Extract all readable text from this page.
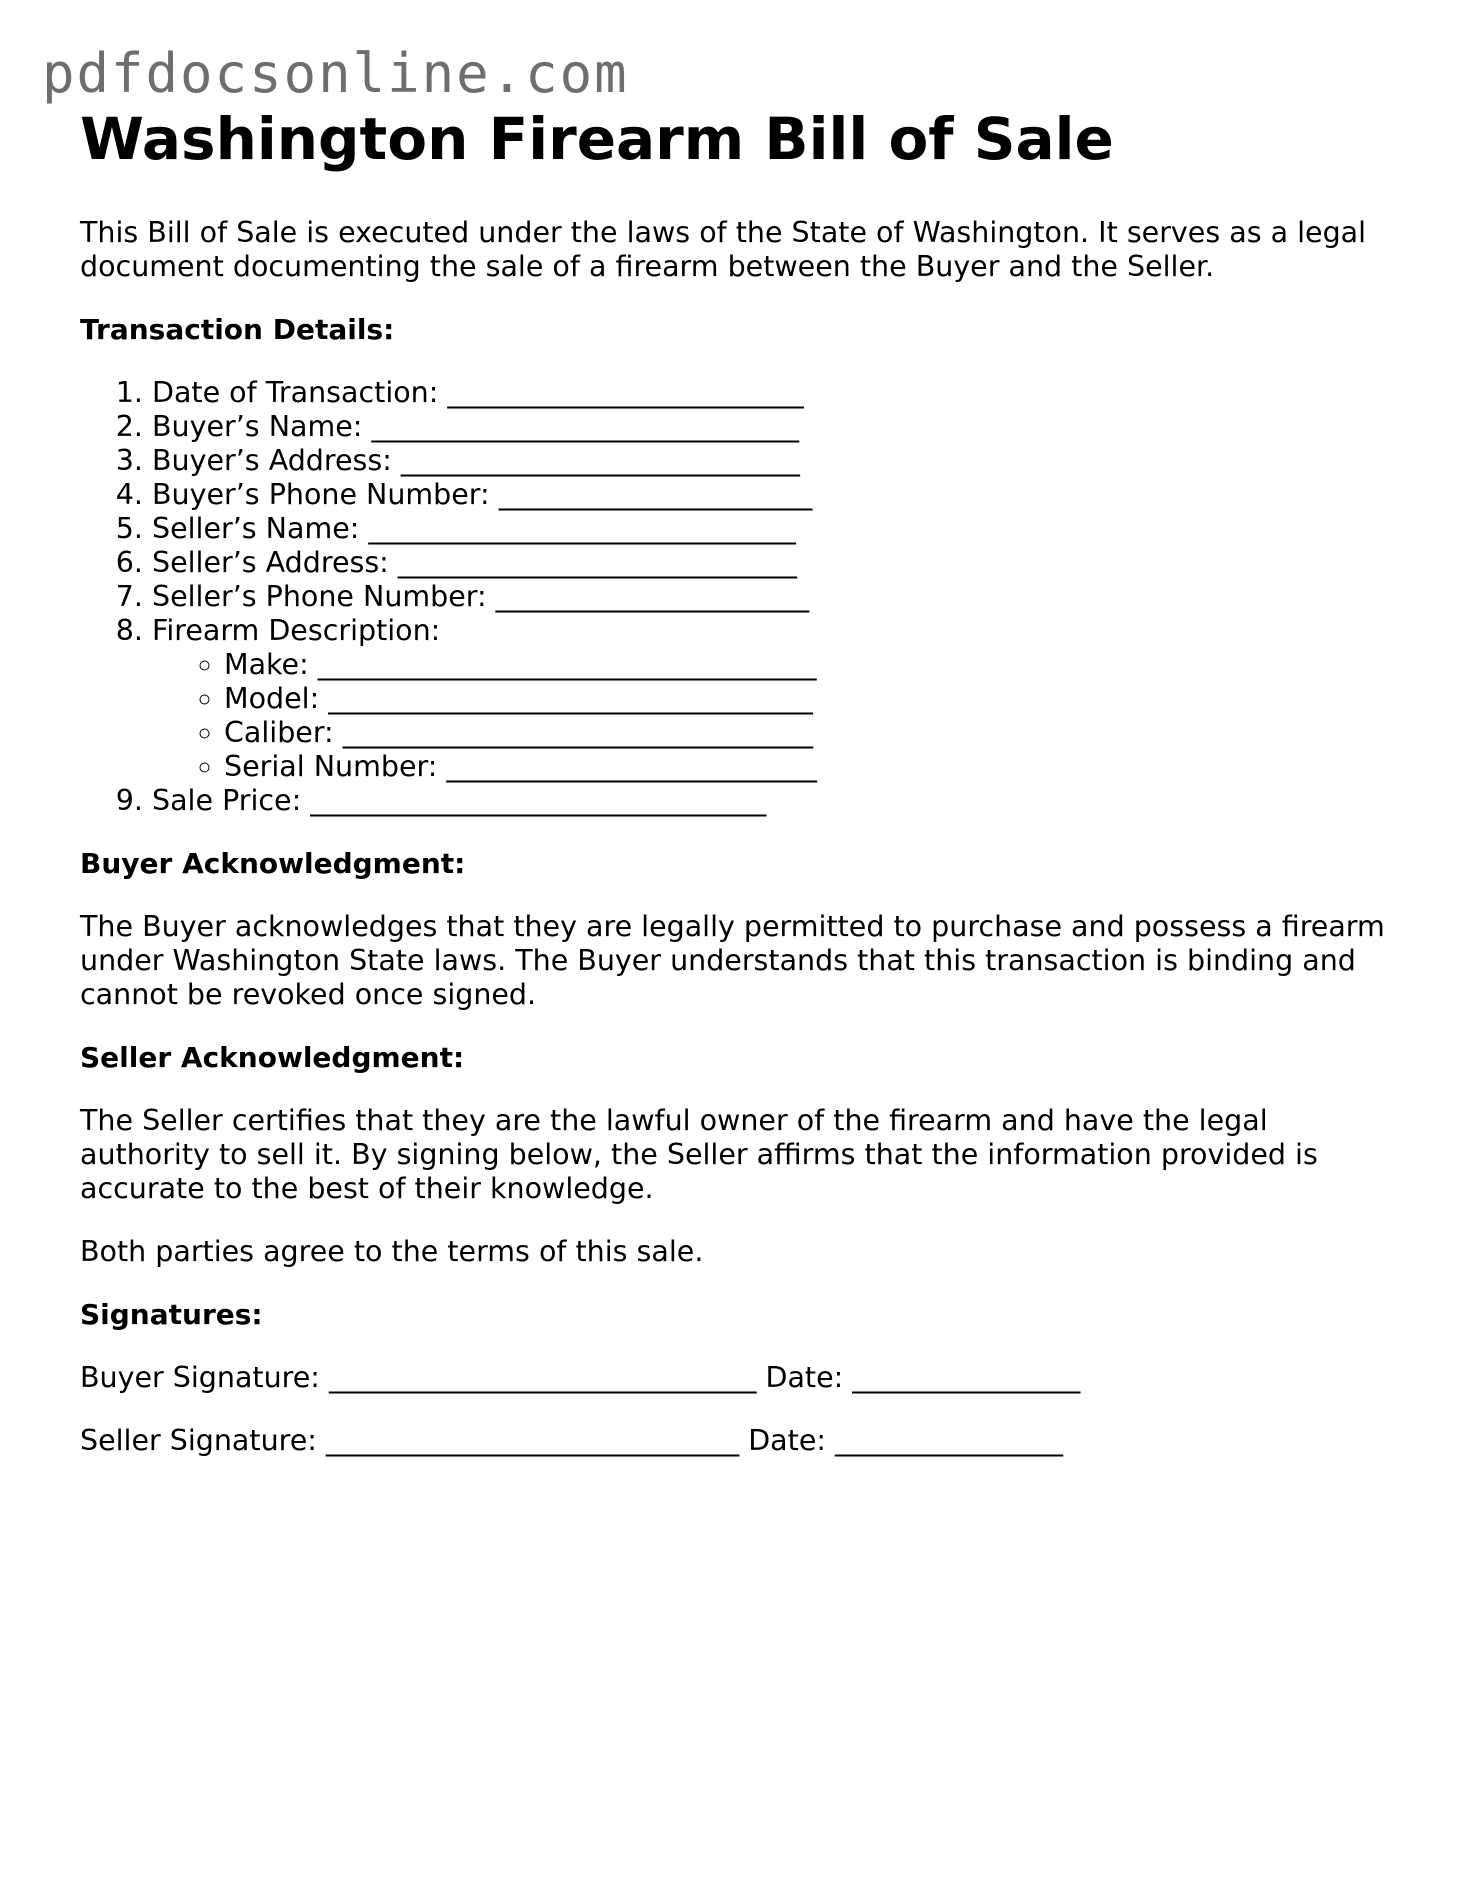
pdfdocsonline.com
Washington Firearm Bill of Sale

This Bill of Sale is executed under the laws of the State of Washington. It serves as a legal document documenting the sale of a firearm between the Buyer and the Seller.

Transaction Details:

1. Date of Transaction: _________________________
2. Buyer’s Name: ______________________________
3. Buyer’s Address: ____________________________
4. Buyer’s Phone Number: ______________________
5. Seller’s Name: ______________________________
6. Seller’s Address: ____________________________
7. Seller’s Phone Number: ______________________
8. Firearm Description:
◦ Make: ___________________________________
◦ Model: __________________________________
◦ Caliber: _________________________________
◦ Serial Number: __________________________
9. Sale Price: ________________________________

Buyer Acknowledgment:

The Buyer acknowledges that they are legally permitted to purchase and possess a firearm under Washington State laws. The Buyer understands that this transaction is binding and cannot be revoked once signed.

Seller Acknowledgment:

The Seller certifies that they are the lawful owner of the firearm and have the legal authority to sell it. By signing below, the Seller affirms that the information provided is accurate to the best of their knowledge.

Both parties agree to the terms of this sale.

Signatures:

Buyer Signature: ______________________________ Date: ________________

Seller Signature: _____________________________ Date: ________________
